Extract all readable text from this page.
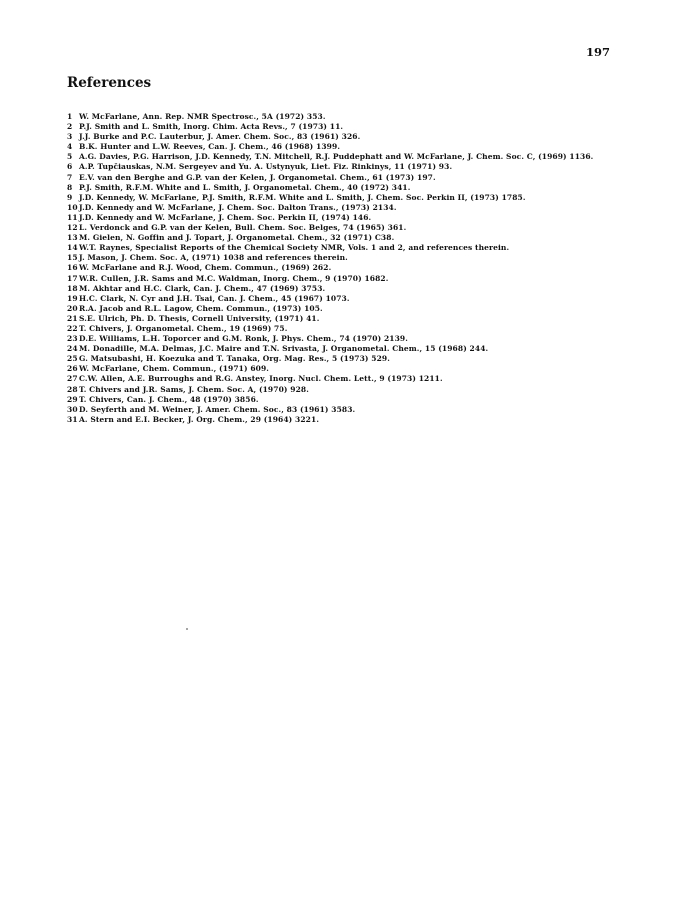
197
References
1 W. McFarlane, Ann. Rep. NMR Spectrosc., 5A (1972) 353.
2 P.J. Smith and L. Smith, Inorg. Chim. Acta Revs., 7 (1973) 11.
3 J.J. Burke and P.C. Lauterbur, J. Amer. Chem. Soc., 83 (1961) 326.
4 B.K. Hunter and L.W. Reeves, Can. J. Chem., 46 (1968) 1399.
5 A.G. Davies, P.G. Harrison, J.D. Kennedy, T.N. Mitchell, R.J. Puddephatt and W. McFarlane, J. Chem. Soc. C, (1969) 1136.
6 A.P. Tupčiauskas, N.M. Sergeyev and Yu. A. Ustynyuk, Liet. Fiz. Rinkinys, 11 (1971) 93.
7 E.V. van den Berghe and G.P. van der Kelen, J. Organometal. Chem., 61 (1973) 197.
8 P.J. Smith, R.F.M. White and L. Smith, J. Organometal. Chem., 40 (1972) 341.
9 J.D. Kennedy, W. McFarlane, P.J. Smith, R.F.M. White and L. Smith, J. Chem. Soc. Perkin II, (1973) 1785.
10 J.D. Kennedy and W. McFarlane, J. Chem. Soc. Dalton Trans., (1973) 2134.
11 J.D. Kennedy and W. McFarlane, J. Chem. Soc. Perkin II, (1974) 146.
12 L. Verdonck and G.P. van der Kelen, Bull. Chem. Soc. Belges, 74 (1965) 361.
13 M. Gielen, N. Goffin and J. Topart, J. Organometal. Chem., 32 (1971) C38.
14 W.T. Raynes, Specialist Reports of the Chemical Society NMR, Vols. 1 and 2, and references therein.
15 J. Mason, J. Chem. Soc. A, (1971) 1038 and references therein.
16 W. McFarlane and R.J. Wood, Chem. Commun., (1969) 262.
17 W.R. Cullen, J.R. Sams and M.C. Waldman, Inorg. Chem., 9 (1970) 1682.
18 M. Akhtar and H.C. Clark, Can. J. Chem., 47 (1969) 3753.
19 H.C. Clark, N. Cyr and J.H. Tsai, Can. J. Chem., 45 (1967) 1073.
20 R.A. Jacob and R.L. Lagow, Chem. Commun., (1973) 105.
21 S.E. Ulrich, Ph. D. Thesis, Cornell University, (1971) 41.
22 T. Chivers, J. Organometal. Chem., 19 (1969) 75.
23 D.E. Williams, L.H. Toporcer and G.M. Ronk, J. Phys. Chem., 74 (1970) 2139.
24 M. Donadille, M.A. Delmas, J.C. Maire and T.N. Srivasta, J. Organometal. Chem., 15 (1968) 244.
25 G. Matsubashi, H. Koezuka and T. Tanaka, Org. Mag. Res., 5 (1973) 529.
26 W. McFarlane, Chem. Commun., (1971) 609.
27 C.W. Allen, A.E. Burroughs and R.G. Anstey, Inorg. Nucl. Chem. Lett., 9 (1973) 1211.
28 T. Chivers and J.R. Sams, J. Chem. Soc. A, (1970) 928.
29 T. Chivers, Can. J. Chem., 48 (1970) 3856.
30 D. Seyferth and M. Weiner, J. Amer. Chem. Soc., 83 (1961) 3583.
31 A. Stern and E.I. Becker, J. Org. Chem., 29 (1964) 3221.
